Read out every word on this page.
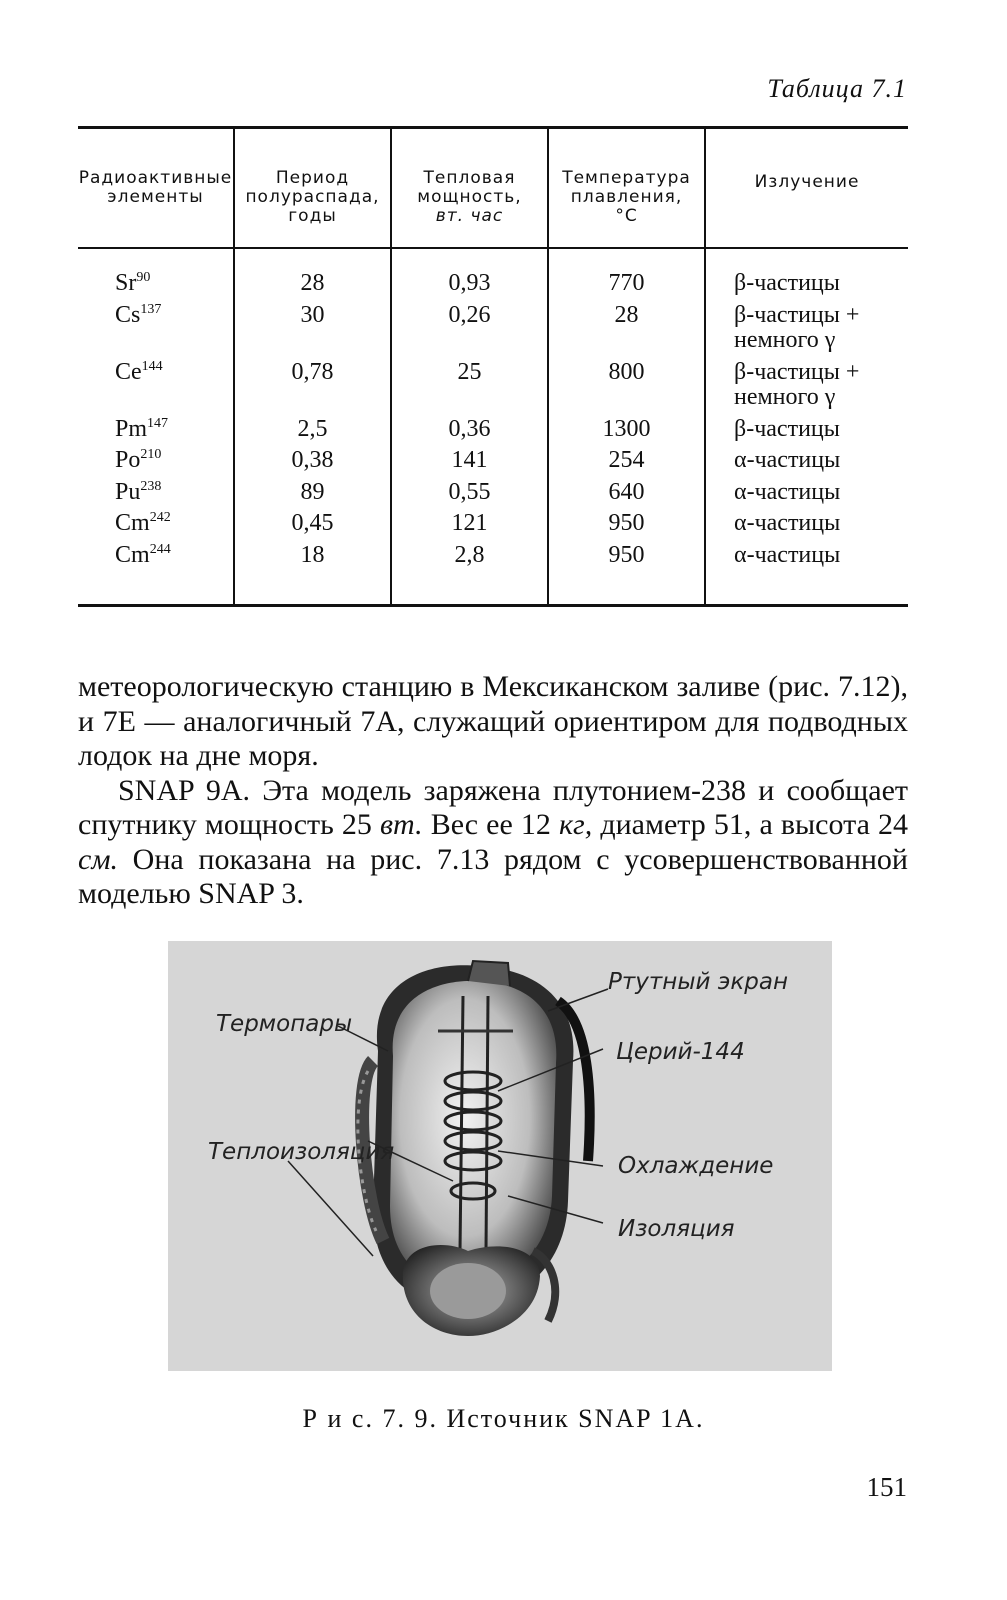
Таблица 7.1
Радиоактивные
элементы
Период
полураспада,
годы
Тепловая
мощность,
вт. час
Температура
плавления,
°С
Излучение
Sr$^{90}$
Cs$^{137}$
Ce$^{144}$
Pm$^{147}$
Po$^{210}$
Pu$^{238}$
Cm$^{242}$
Cm$^{244}$
28
30
0,78
2,5
0,38
89
0,45
18
0,93
0,26
25
0,36
141
0,55
121
2,8
770
28
800
1300
254
640
950
950
β-частицы
β-частицы +
немного γ
β-частицы +
немного γ
β-частицы
α-частицы
α-частицы
α-частицы
α-частицы

метеорологическую станцию в Мексиканском заливе (рис. 7.12), и 7Е — аналогичный 7А, служащий ориентиром для подводных лодок на дне моря.

SNAP 9A. Эта модель заряжена плутонием-238 и сообщает спутнику мощность 25 вт. Вес ее 12 кг, диаметр 51, а высота 24 см. Она показана на рис. 7.13 рядом с усовершенствованной моделью SNAP 3.

Ртутный экран
Термопары
Церий-144
Теплоизоляция
Охлаждение
Изоляция
Р и с. 7. 9. Источник SNAP 1A.
151
